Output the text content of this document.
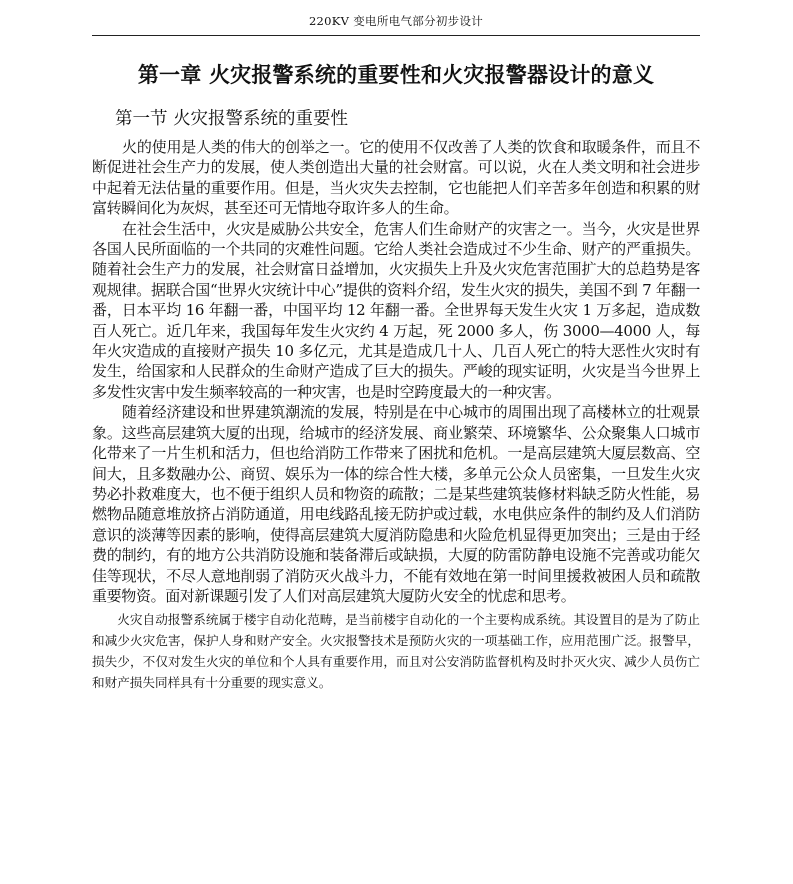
220KV 变电所电气部分初步设计
第一章 火灾报警系统的重要性和火灾报警器设计的意义
第一节 火灾报警系统的重要性

火的使用是人类的伟大的创举之一。它的使用不仅改善了人类的饮食和取暖条件，而且不断促进社会生产力的发展，使人类创造出大量的社会财富。可以说，火在人类文明和社会进步中起着无法估量的重要作用。但是，当火灾失去控制，它也能把人们辛苦多年创造和积累的财富转瞬间化为灰烬，甚至还可无情地夺取许多人的生命。

在社会生活中，火灾是威胁公共安全，危害人们生命财产的灾害之一。当今，火灾是世界各国人民所面临的一个共同的灾难性问题。它给人类社会造成过不少生命、财产的严重损失。随着社会生产力的发展，社会财富日益增加，火灾损失上升及火灾危害范围扩大的总趋势是客观规律。据联合国“世界火灾统计中心”提供的资料介绍，发生火灾的损失，美国不到 7 年翻一番，日本平均 16 年翻一番，中国平均 12 年翻一番。全世界每天发生火灾 1 万多起，造成数百人死亡。近几年来，我国每年发生火灾约 4 万起，死 2000 多人，伤 3000—4000 人，每年火灾造成的直接财产损失 10 多亿元，尤其是造成几十人、几百人死亡的特大恶性火灾时有发生，给国家和人民群众的生命财产造成了巨大的损失。严峻的现实证明，火灾是当今世界上多发性灾害中发生频率较高的一种灾害，也是时空跨度最大的一种灾害。

随着经济建设和世界建筑潮流的发展，特别是在中心城市的周围出现了高楼林立的壮观景象。这些高层建筑大厦的出现，给城市的经济发展、商业繁荣、环境繁华、公众聚集人口城市化带来了一片生机和活力，但也给消防工作带来了困扰和危机。一是高层建筑大厦层数高、空间大，且多数融办公、商贸、娱乐为一体的综合性大楼，多单元公众人员密集，一旦发生火灾势必扑救难度大，也不便于组织人员和物资的疏散；二是某些建筑装修材料缺乏防火性能，易燃物品随意堆放挤占消防通道，用电线路乱接无防护或过载，水电供应条件的制约及人们消防意识的淡薄等因素的影响，使得高层建筑大厦消防隐患和火险危机显得更加突出；三是由于经费的制约，有的地方公共消防设施和装备滞后或缺损，大厦的防雷防静电设施不完善或功能欠佳等现状，不尽人意地削弱了消防灭火战斗力，不能有效地在第一时间里援救被困人员和疏散重要物资。面对新课题引发了人们对高层建筑大厦防火安全的忧虑和思考。

火灾自动报警系统属于楼宇自动化范畴，是当前楼宇自动化的一个主要构成系统。其设置目的是为了防止和减少火灾危害，保护人身和财产安全。火灾报警技术是预防火灾的一项基础工作，应用范围广泛。报警早，损失少，不仅对发生火灾的单位和个人具有重要作用，而且对公安消防监督机构及时扑灭火灾、减少人员伤亡和财产损失同样具有十分重要的现实意义。
